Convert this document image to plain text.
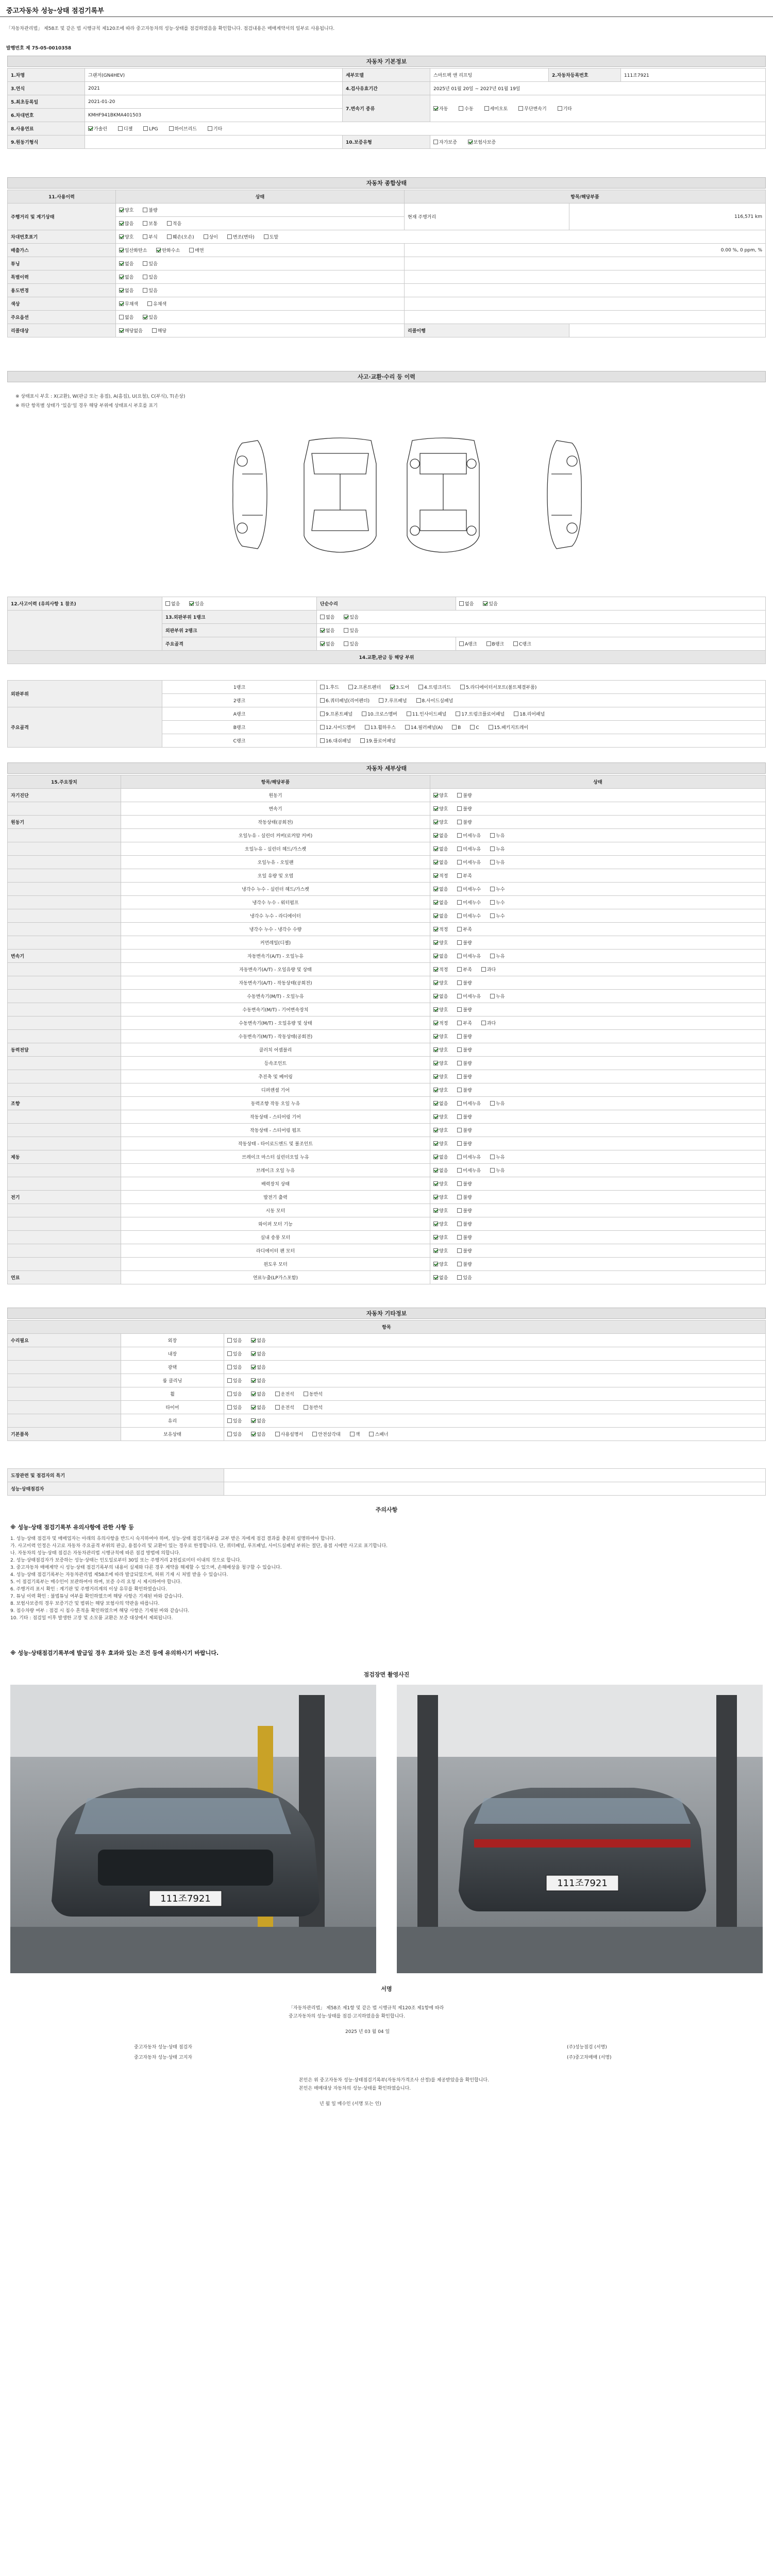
중고자동차 성능·상태 점검기록부
「자동차관리법」 제58조 및 같은 법 시행규칙 제120조에 따라 중고자동차의 성능·상태를 점검하였음을 확인합니다. 점검내용은 매매계약서의 일부로 사용됩니다.
발행번호 제 75-05-0010358
자동차 기본정보
1.차명	그랜저(GN4HEV)	세부모델	스마트팩 앤 리프팅	2.자동차등록번호	111조7921
3.연식	2021	4.검사유효기간	2025년 01월 20일 ~ 2027년 01월 19일		
5.최초등록일	2021-01-20	7.변속기 종류	자동 수동 세미오토 무단변속기 기타		
6.차대번호	KMHF941BKMA401503				
8.사용연료	가솔린 디젤 LPG 하이브리드 기타				
9.원동기형식		10.보증유형	자가보증 보험사보증		
자동차 종합상태
11.사용이력	상태	항목/해당부품	
주행거리 및 계기상태	양호 불량	현재 주행거리	116,571 km
	많음 보통 적음		
차대번호표기	양호 부식 훼손(오손) 상이 변조(변타) 도말		
배출가스	일산화탄소 탄화수소 매연	0.00 %, 0 ppm, %	
튜닝	없음 있음		
특별이력	없음 있음		
용도변경	없음 있음		
색상	무채색 유채색		
주요옵션	없음 있음		
리콜대상	해당없음 해당	리콜이행	
사고·교환·수리 등 이력
※ 상태표시 부호 : X(교환), W(판금 또는 용접), A(흠집), U(요철), C(부식), T(손상)
※ 하단 항목별 상태가 '있음'일 경우 해당 부위에 상태표시 부호를 표기
12.사고이력 (유의사항 1 참조)	없음 있음	단순수리	없음 있음
	13.외판부위 1랭크	없음 있음	
	외판부위 2랭크	없음 있음	
	주요골격	없음 있음	A랭크 B랭크 C랭크
14.교환,판금 등 해당 부위			
외판부위	1랭크	1.후드 2.프론트펜더 3.도어 4.트렁크리드 5.라디에이터서포트(볼트체결부품)
	2랭크	6.쿼터패널(리어펜더) 7.루프패널 8.사이드실패널
주요골격	A랭크	9.프론트패널 10.크로스멤버 11.인사이드패널 17.트렁크플로어패널 18.리어패널
	B랭크	12.사이드멤버 13.휠하우스 14.필러패널(A) B C 15.패키지트레이
	C랭크	16.대쉬패널 19.플로어패널
자동차 세부상태
15.주요장치	항목/해당부품	상태
자기진단	원동기	양호 불량
	변속기	양호 불량
원동기	작동상태(공회전)	양호 불량
	오일누유 - 실린더 커버(로커암 커버)	없음 미세누유 누유
	오일누유 - 실린더 헤드/가스켓	없음 미세누유 누유
	오일누유 - 오일팬	없음 미세누유 누유
	오일 유량 및 오염	적정 부족
	냉각수 누수 - 실린더 헤드/가스켓	없음 미세누수 누수
	냉각수 누수 - 워터펌프	없음 미세누수 누수
	냉각수 누수 - 라디에이터	없음 미세누수 누수
	냉각수 누수 - 냉각수 수량	적정 부족
	커먼레일(디젤)	양호 불량
변속기	자동변속기(A/T) - 오일누유	없음 미세누유 누유
	자동변속기(A/T) - 오일유량 및 상태	적정 부족 과다
	자동변속기(A/T) - 작동상태(공회전)	양호 불량
	수동변속기(M/T) - 오일누유	없음 미세누유 누유
	수동변속기(M/T) - 기어변속장치	양호 불량
	수동변속기(M/T) - 오일유량 및 상태	적정 부족 과다
	수동변속기(M/T) - 작동상태(공회전)	양호 불량
동력전달	클러치 어셈블리	양호 불량
	등속조인트	양호 불량
	추진축 및 베어링	양호 불량
	디퍼렌셜 기어	양호 불량
조향	동력조향 작동 오일 누유	없음 미세누유 누유
	작동상태 - 스티어링 기어	양호 불량
	작동상태 - 스티어링 펌프	양호 불량
	작동상태 - 타이로드엔드 및 볼조인트	양호 불량
제동	브레이크 마스터 실린더오일 누유	없음 미세누유 누유
	브레이크 오일 누유	없음 미세누유 누유
	배력장치 상태	양호 불량
전기	발전기 출력	양호 불량
	시동 모터	양호 불량
	와이퍼 모터 기능	양호 불량
	실내 송풍 모터	양호 불량
	라디에이터 팬 모터	양호 불량
	윈도우 모터	양호 불량
연료	연료누출(LP가스포함)	없음 있음
자동차 기타정보
항목		
수리필요	외장	있음 없음
	내장	있음 없음
	광택	있음 없음
	룸 클리닝	있음 없음
	휠	있음 없음 운전석 동반석
	타이어	있음 없음 운전석 동반석
	유리	있음 없음
기본품목	보유상태	있음 없음 사용설명서 안전삼각대 잭 스패너
도장관련 및 점검자의 특기	
성능·상태점검자	
주의사항
※ 성능·상태 점검기록부 유의사항에 관한 사항 등

1. 성능·상태 점검자 및 매매업자는 아래의 유의사항을 반드시 숙지하여야 하며, 성능·상태 점검기록부를 교부 받은 자에게 점검 결과를 충분히 설명하여야 합니다.

가. 사고이력 인정은 사고로 자동차 주요골격 부위의 판금, 용접수리 및 교환이 있는 경우로 한정합니다. 단, 쿼터패널, 루프패널, 사이드실패널 부위는 절단, 용접 시에만 사고로 표기합니다.

나. 자동차의 성능·상태 점검은 자동차관리법 시행규칙에 따른 점검 방법에 의합니다.

2. 성능·상태점검자가 보증하는 성능·상태는 인도일로부터 30일 또는 주행거리 2천킬로미터 이내의 것으로 합니다.

3. 중고자동차 매매계약 시 성능·상태 점검기록부의 내용이 실제와 다른 경우 계약을 해제할 수 있으며, 손해배상을 청구할 수 있습니다.

4. 성능·상태 점검기록부는 자동차관리법 제58조에 따라 발급되었으며, 허위 기재 시 처벌 받을 수 있습니다.

5. 이 점검기록부는 매수인이 보관하여야 하며, 보증 수리 요청 시 제시하여야 합니다.

6. 주행거리 표시 확인 : 계기판 및 주행거리계의 이상 유무를 확인하였습니다.

7. 튜닝 이력 확인 : 불법튜닝 여부를 확인하였으며 해당 사항은 기재된 바와 같습니다.

8. 보험사보증의 경우 보증기간 및 범위는 해당 보험사의 약관을 따릅니다.

9. 침수차량 여부 : 점검 시 침수 흔적을 확인하였으며 해당 사항은 기재된 바와 같습니다.

10. 기타 : 점검일 이후 발생한 고장 및 소모품 교환은 보증 대상에서 제외됩니다.

※ 성능·상태점검기록부에 발급일 경우 효과와 있는 조건 등에 유의하시기 바랍니다.
점검장면 촬영사진
111조7921
111조7921
서명
「자동차관리법」 제58조 제1항 및 같은 법 시행규칙 제120조 제1항에 따라
중고자동차의 성능·상태를 점검·고지하였음을 확인합니다.
2025 년 03 월 04 일
중고자동차 성능·상태 점검자	(주)성능점검 (서명)
중고자동차 성능·상태 고지자	(주)중고차매매 (서명)
본인은 위 중고자동차 성능·상태점검기록부(자동차가격조사 산정)를 제공받았음을 확인합니다.
본인은 매매대상 자동차의 성능·상태를 확인하였습니다.
년 월 일 매수인 (서명 또는 인)
